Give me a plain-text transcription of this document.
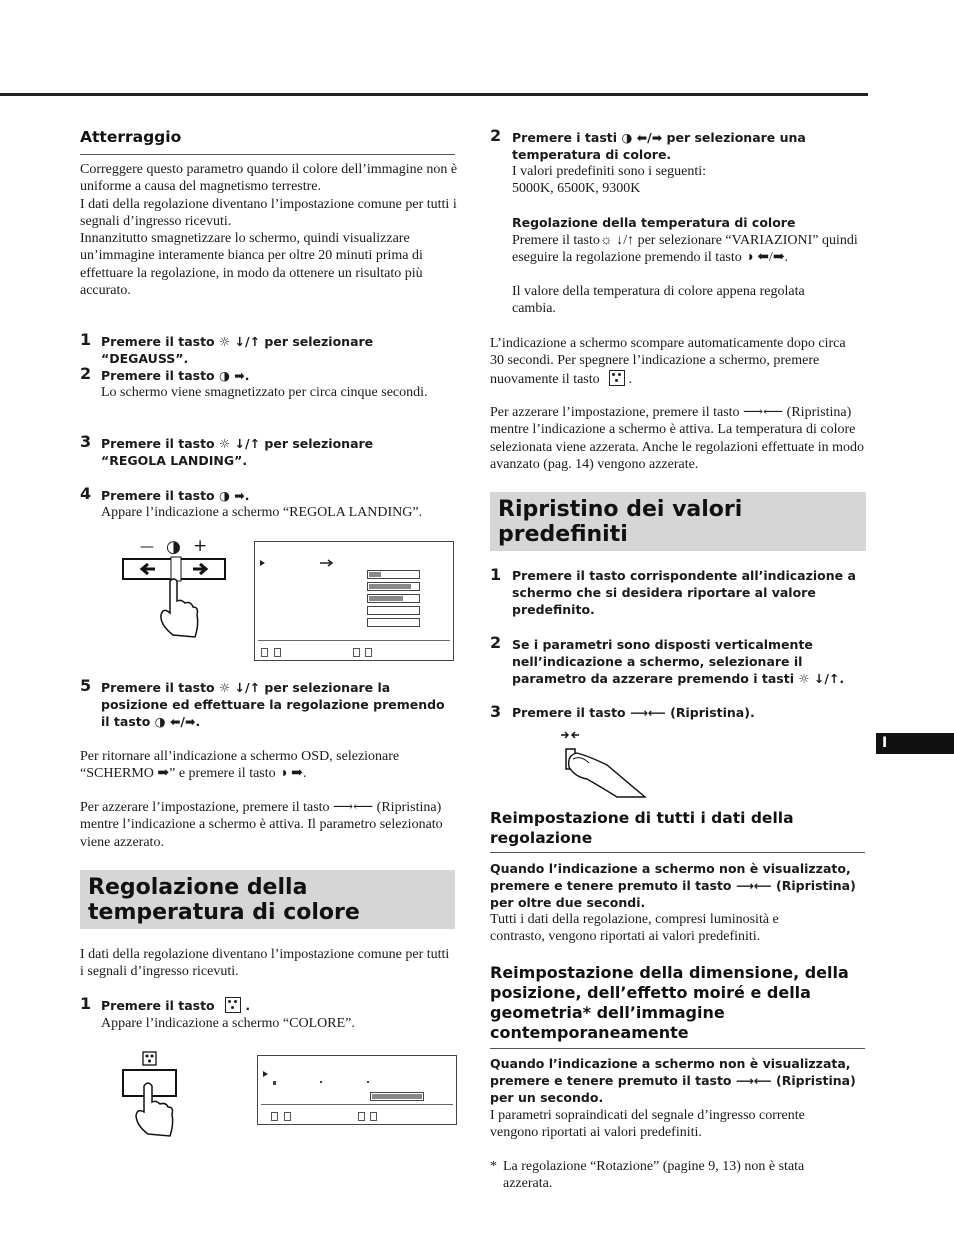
Atterraggio
Correggere questo parametro quando il colore dell’immagine non è uniforme a causa del magnetismo terrestre.
I dati della regolazione diventano l’impostazione comune per tutti i segnali d’ingresso ricevuti.
Innanzitutto smagnetizzare lo schermo, quindi visualizzare un’immagine interamente bianca per oltre 20 minuti prima di effettuare la regolazione, in modo da ottenere un risultato più accurato.
1 Premere il tasto ☼ ↓/↑ per selezionare “DEGAUSS”.
2 Premere il tasto ◑ ➡.
Lo schermo viene smagnetizzato per circa cinque secondi.
3 Premere il tasto ☼ ↓/↑ per selezionare “REGOLA LANDING”.
4 Premere il tasto ◑ ➡.
Appare l’indicazione a schermo “REGOLA LANDING”.
— ◑ +
5 Premere il tasto ☼ ↓/↑ per selezionare la posizione ed effettuare la regolazione premendo il tasto ◑ ⬅/➡.
Per ritornare all’indicazione a schermo OSD, selezionare “SCHERMO ➡” e premere il tasto ◑ ➡.
Per azzerare l’impostazione, premere il tasto ⟶⟵ (Ripristina) mentre l’indicazione a schermo è attiva. Il parametro selezionato viene azzerato.
Regolazione della
temperatura di colore
I dati della regolazione diventano l’impostazione comune per tutti i segnali d’ingresso ricevuti.
1 Premere il tasto
.
Appare l’indicazione a schermo “COLORE”.
2 Premere i tasti ◑ ⬅/➡ per selezionare una temperatura di colore.
I valori predefiniti sono i seguenti:
5000K, 6500K, 9300K
Regolazione della temperatura di colore
Premere il tasto☼ ↓/↑ per selezionare “VARIAZIONI” quindi eseguire la regolazione premendo il tasto ◑ ⬅/➡.
Il valore della temperatura di colore appena regolata cambia.
L’indicazione a schermo scompare automaticamente dopo circa 30 secondi. Per spegnere l’indicazione a schermo, premere nuovamente il tasto
.
Per azzerare l’impostazione, premere il tasto ⟶⟵ (Ripristina) mentre l’indicazione a schermo è attiva. La temperatura di colore selezionata viene azzerata. Anche le regolazioni effettuate in modo avanzato (pag. 14) vengono azzerate.
Ripristino dei valori
predefiniti
1 Premere il tasto corrispondente all’indicazione a schermo che si desidera riportare al valore predefinito.
2 Se i parametri sono disposti verticalmente nell’indicazione a schermo, selezionare il parametro da azzerare premendo i tasti ☼ ↓/↑.
3 Premere il tasto ⟶⟵ (Ripristina).
Reimpostazione di tutti i dati della regolazione
Quando l’indicazione a schermo non è visualizzato, premere e tenere premuto il tasto ⟶⟵ (Ripristina) per oltre due secondi.
Tutti i dati della regolazione, compresi luminosità e contrasto, vengono riportati ai valori predefiniti.
Reimpostazione della dimensione, della posizione, dell’effetto moiré e della geometria* dell’immagine contemporaneamente
Quando l’indicazione a schermo non è visualizzata, premere e tenere premuto il tasto ⟶⟵ (Ripristina) per un secondo.
I parametri sopraindicati del segnale d’ingresso corrente vengono riportati ai valori predefiniti.
* La regolazione “Rotazione” (pagine 9, 13) non è stata azzerata.
I
